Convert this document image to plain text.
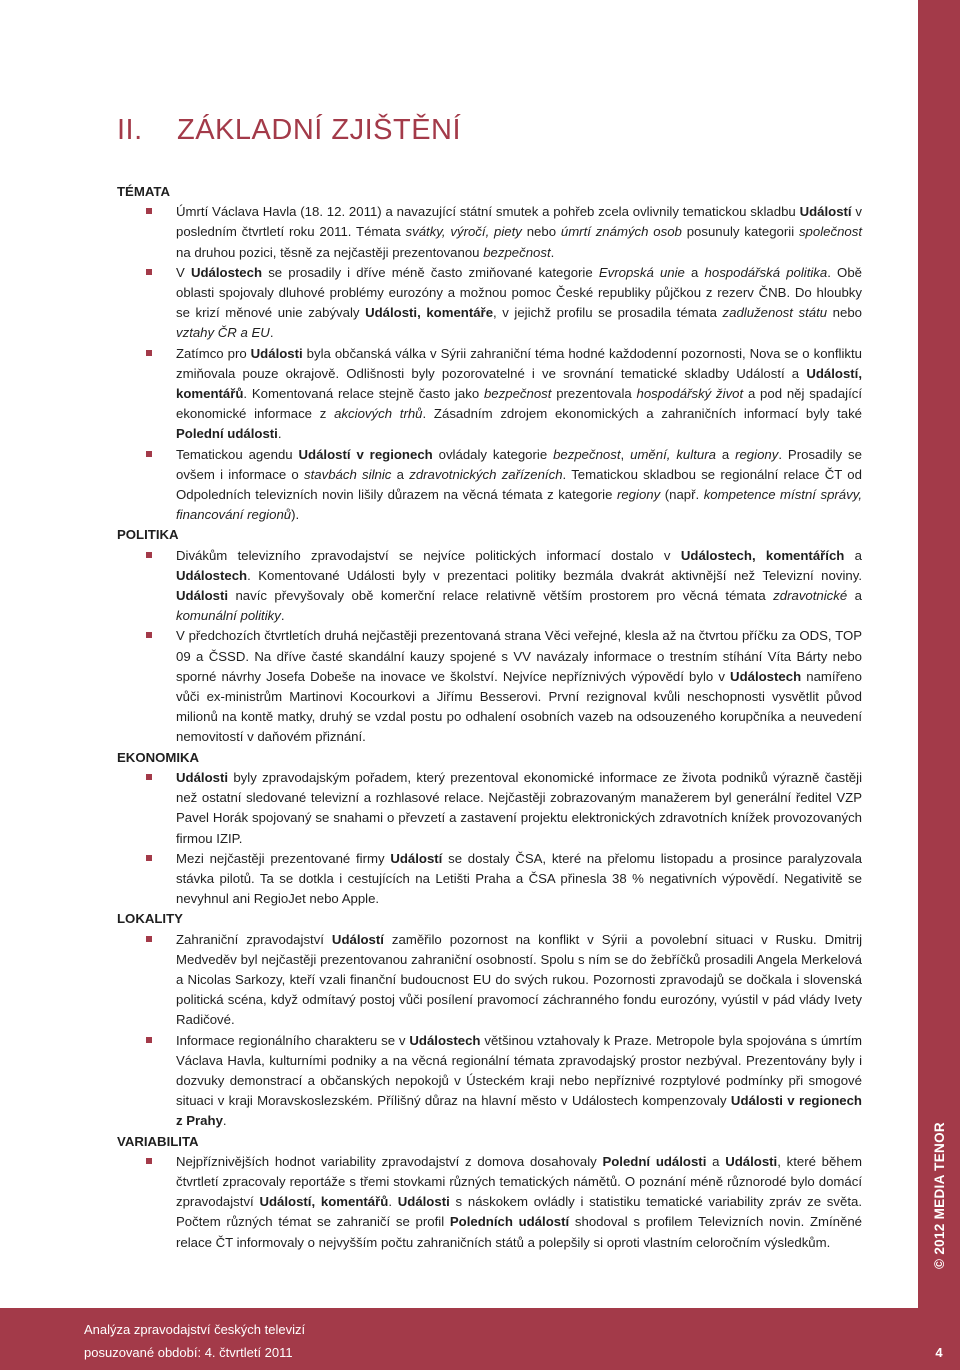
© 2012 MEDIA TENOR
II. ZÁKLADNÍ ZJIŠTĚNÍ
TÉMATA
Úmrtí Václava Havla (18. 12. 2011) a navazující státní smutek a pohřeb zcela ovlivnily tematickou skladbu Událostí v posledním čtvrtletí roku 2011. Témata svátky, výročí, piety nebo úmrtí známých osob posunuly kategorii společnost na druhou pozici, těsně za nejčastěji prezentovanou bezpečnost.
V Událostech se prosadily i dříve méně často zmiňované kategorie Evropská unie a hospodářská politika. Obě oblasti spojovaly dluhové problémy eurozóny a možnou pomoc České republiky půjčkou z rezerv ČNB. Do hloubky se krizí měnové unie zabývaly Události, komentáře, v jejichž profilu se prosadila témata zadluženost státu nebo vztahy ČR a EU.
Zatímco pro Události byla občanská válka v Sýrii zahraniční téma hodné každodenní pozornosti, Nova se o konfliktu zmiňovala pouze okrajově. Odlišnosti byly pozorovatelné i ve srovnání tematické skladby Událostí a Událostí, komentářů. Komentovaná relace stejně často jako bezpečnost prezentovala hospodářský život a pod něj spadající ekonomické informace z akciových trhů. Zásadním zdrojem ekonomických a zahraničních informací byly také Polední události.
Tematickou agendu Událostí v regionech ovládaly kategorie bezpečnost, umění, kultura a regiony. Prosadily se ovšem i informace o stavbách silnic a zdravotnických zařízeních. Tematickou skladbou se regionální relace ČT od Odpoledních televizních novin lišily důrazem na věcná témata z kategorie regiony (např. kompetence místní správy, financování regionů).
POLITIKA
Divákům televizního zpravodajství se nejvíce politických informací dostalo v Událostech, komentářích a Událostech. Komentované Události byly v prezentaci politiky bezmála dvakrát aktivnější než Televizní noviny. Události navíc převyšovaly obě komerční relace relativně větším prostorem pro věcná témata zdravotnické a komunální politiky.
V předchozích čtvrtletích druhá nejčastěji prezentovaná strana Věci veřejné, klesla až na čtvrtou příčku za ODS, TOP 09 a ČSSD. Na dříve časté skandální kauzy spojené s VV navázaly informace o trestním stíhání Víta Bárty nebo sporné návrhy Josefa Dobeše na inovace ve školství. Nejvíce nepříznivých výpovědí bylo v Událostech namířeno vůči ex-ministrům Martinovi Kocourkovi a Jiřímu Besserovi. První rezignoval kvůli neschopnosti vysvětlit původ milionů na kontě matky, druhý se vzdal postu po odhalení osobních vazeb na odsouzeného korupčníka a neuvedení nemovitostí v daňovém přiznání.
EKONOMIKA
Události byly zpravodajským pořadem, který prezentoval ekonomické informace ze života podniků výrazně častěji než ostatní sledované televizní a rozhlasové relace. Nejčastěji zobrazovaným manažerem byl generální ředitel VZP Pavel Horák spojovaný se snahami o převzetí a zastavení projektu elektronických zdravotních knížek provozovaných firmou IZIP.
Mezi nejčastěji prezentované firmy Událostí se dostaly ČSA, které na přelomu listopadu a prosince paralyzovala stávka pilotů. Ta se dotkla i cestujících na Letišti Praha a ČSA přinesla 38 % negativních výpovědí. Negativitě se nevyhnul ani RegioJet nebo Apple.
LOKALITY
Zahraniční zpravodajství Událostí zaměřilo pozornost na konflikt v Sýrii a povolební situaci v Rusku. Dmitrij Medveděv byl nejčastěji prezentovanou zahraniční osobností. Spolu s ním se do žebříčků prosadili Angela Merkelová a Nicolas Sarkozy, kteří vzali finanční budoucnost EU do svých rukou. Pozornosti zpravodajů se dočkala i slovenská politická scéna, když odmítavý postoj vůči posílení pravomocí záchranného fondu eurozóny, vyústil v pád vlády Ivety Radičové.
Informace regionálního charakteru se v Událostech většinou vztahovaly k Praze. Metropole byla spojována s úmrtím Václava Havla, kulturními podniky a na věcná regionální témata zpravodajský prostor nezbýval. Prezentovány byly i dozvuky demonstrací a občanských nepokojů v Ústeckém kraji nebo nepříznivé rozptylové podmínky při smogové situaci v kraji Moravskoslezském. Přílišný důraz na hlavní město v Událostech kompenzovaly Události v regionech z Prahy.
VARIABILITA
Nejpříznivějších hodnot variability zpravodajství z domova dosahovaly Polední události a Události, které během čtvrtletí zpracovaly reportáže s třemi stovkami různých tematických námětů. O poznání méně různorodé bylo domácí zpravodajství Událostí, komentářů. Události s náskokem ovládly i statistiku tematické variability zpráv ze světa. Počtem různých témat se zahraničí se profil Poledních událostí shodoval s profilem Televizních novin. Zmíněné relace ČT informovaly o nejvyšším počtu zahraničních států a polepšily si oproti vlastním celoročním výsledkům.
Analýza zpravodajství českých televizí
posuzované období: 4. čtvrtletí 2011	4
